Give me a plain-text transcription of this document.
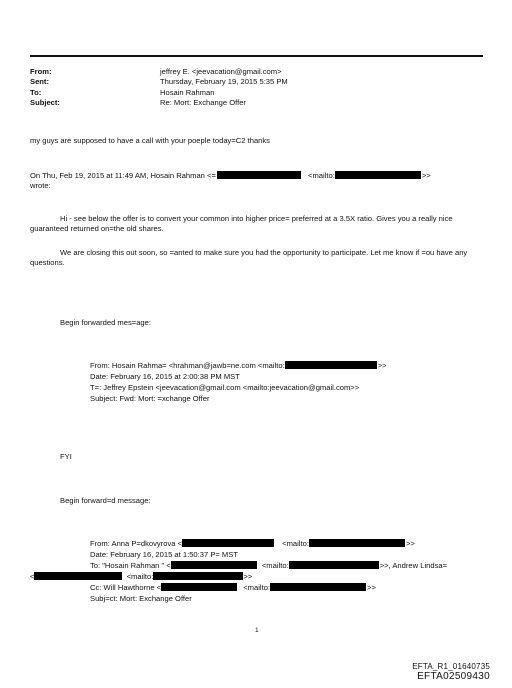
From:	jeffrey E. <jeevacation@gmail.com>
Sent:	Thursday, February 19, 2015 5:35 PM
To:	Hosain Rahman
Subject:	Re: Mort: Exchange Offer
my guys are supposed to have a call with your poeple today=C2 thanks
On Thu, Feb 19, 2015 at 11:49 AM, Hosain Rahman <=	<mailto:	>>
wrote:
Hi - see below the offer is to convert your common into higher price= preferred at a 3.5X ratio. Gives you a really nice guaranteed returned on=the old shares.
We are closing this out soon, so =anted to make sure you had the opportunity to participate. Let me know if =ou have any questions.
Begin forwarded mes=age:
From: Hosain Rahma= <hrahman@jawb=ne.com <mailto:	>>
Date: February 16, 2015 at 2:00:38 PM MST
T=: Jeffrey Epstein <jeevacation@gmail.com <mailto:jeevacation@gmail.com>>
Subject: Fwd: Mort: =xchange Offer
FYI
Begin forward=d message:
From: Anna P=dkovyrova <	<mailto:	>>
Date: February 16, 2015 at 1:50:37 P= MST
To: "Hosain Rahman " <	<mailto:	>>, Andrew Lindsa=
<	<mailto:	>>
Cc: Will Hawthorne <	<mailto:	>>
Subj=ct: Mort: Exchange Offer
1
EFTA_R1_01640735
EFTA02509430
